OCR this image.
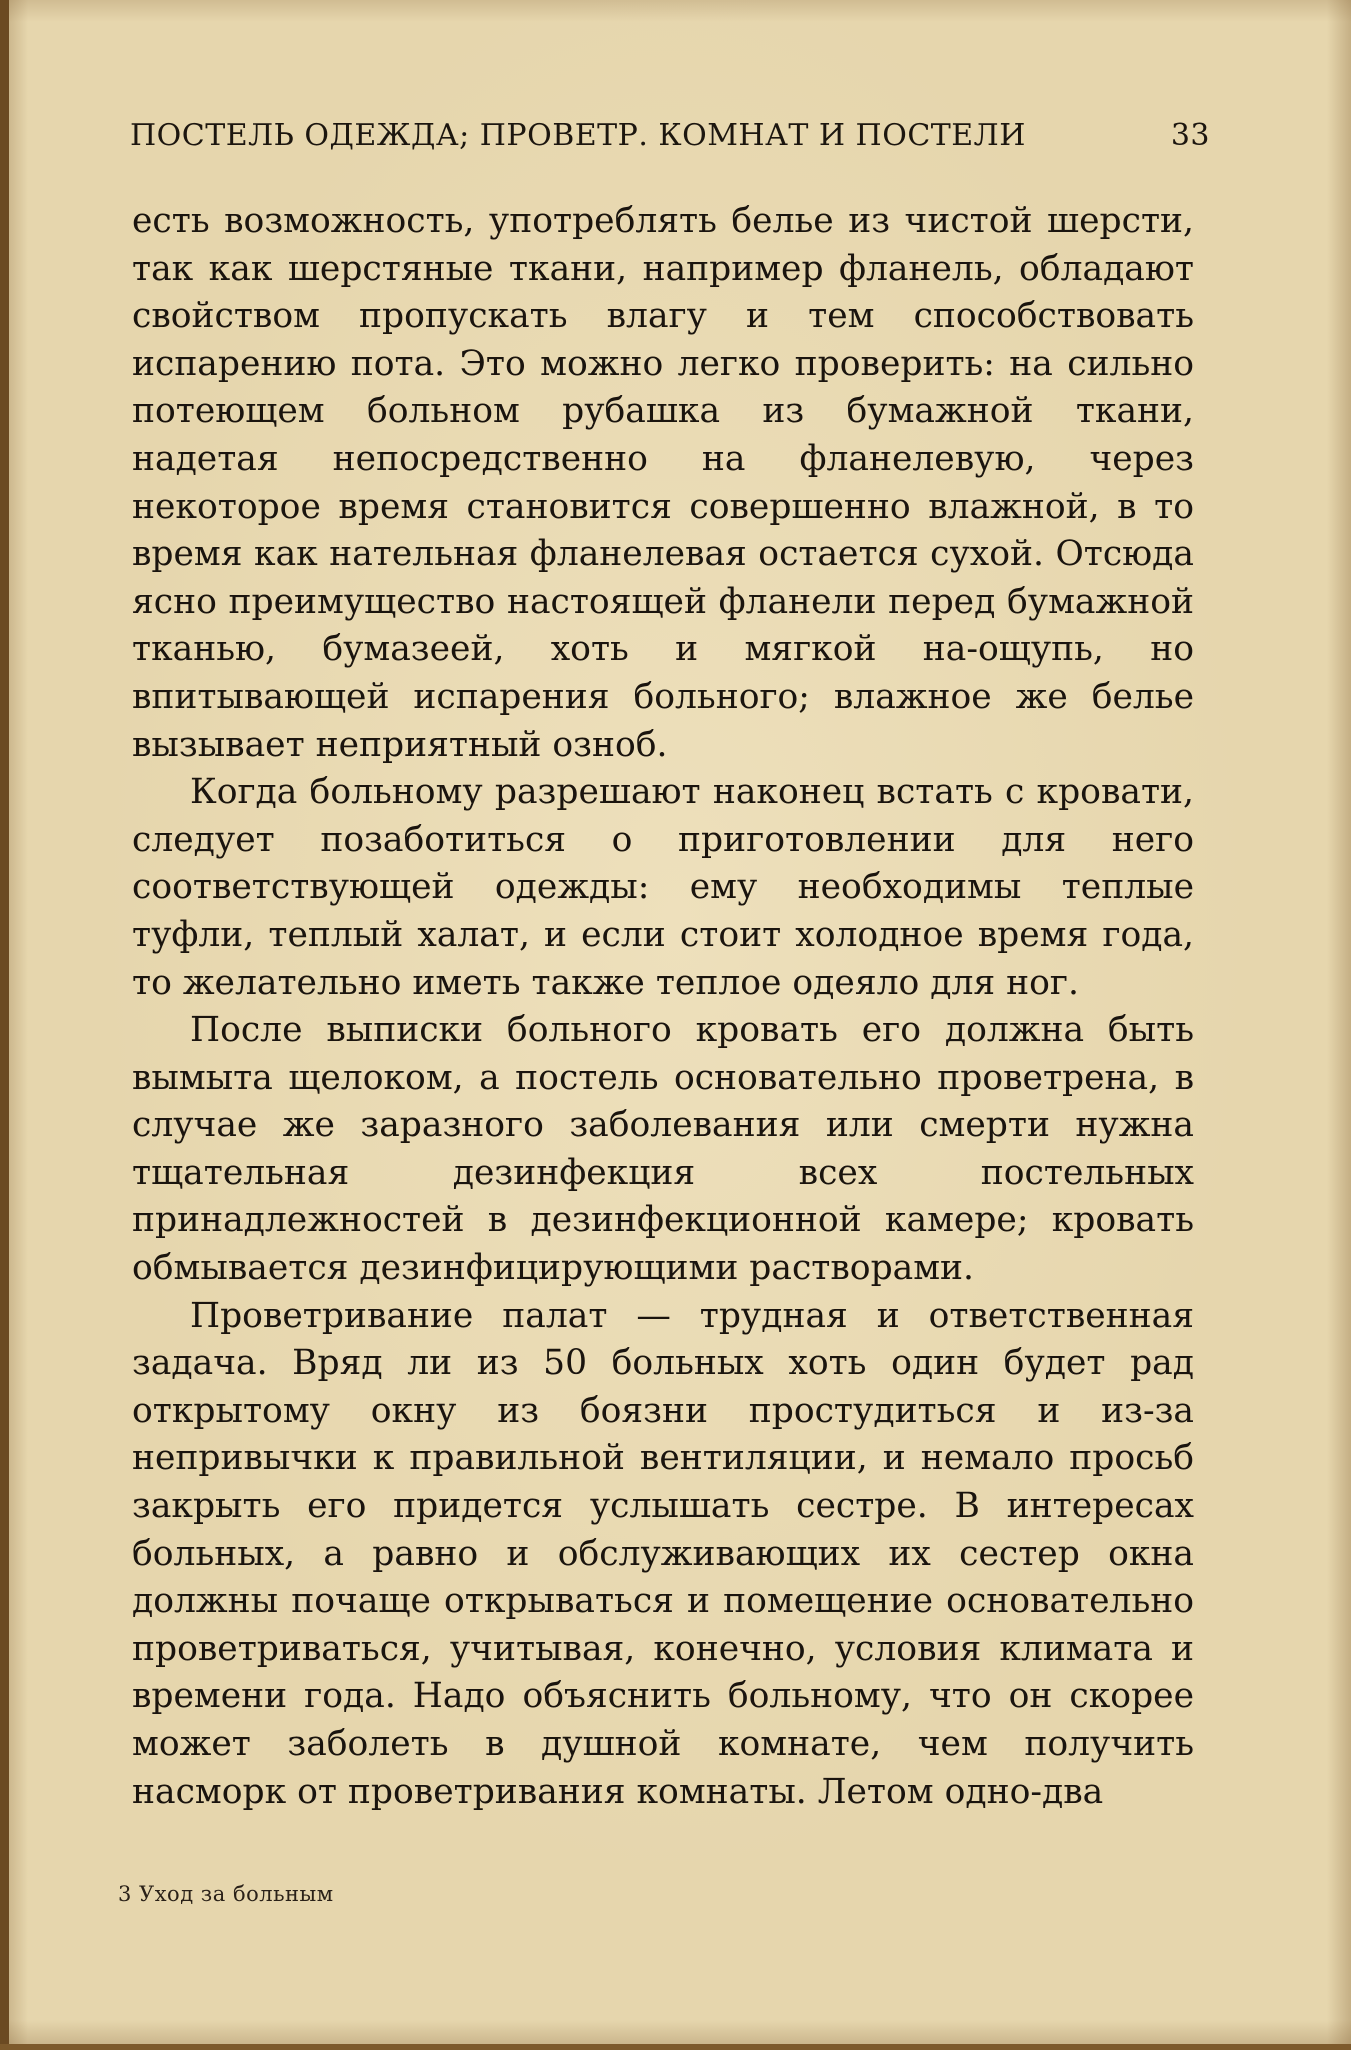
ПОСТЕЛЬ ОДЕЖДА; ПРОВЕТР. КОМНАТ И ПОСТЕЛИ	33

есть возможность, употреблять белье из чистой шерсти, так как шерстяные ткани, например фланель, обладают свойством пропускать влагу и тем способствовать испарению пота. Это можно легко проверить: на сильно потеющем больном рубашка из бумажной ткани, надетая непосредственно на фланелевую, через некоторое время становится совершенно влажной, в то время как нательная фланелевая остается сухой. Отсюда ясно преимущество настоящей фланели перед бумажной тканью, бумазеей, хоть и мягкой на-ощупь, но впитывающей испарения больного; влажное же белье вызывает неприятный озноб.

Когда больному разрешают наконец встать с кровати, следует позаботиться о приготовлении для него соответствующей одежды: ему необходимы теплые туфли, теплый халат, и если стоит холодное время года, то желательно иметь также теплое одеяло для ног.

После выписки больного кровать его должна быть вымыта щелоком, а постель основательно проветрена, в случае же заразного заболевания или смерти нужна тщательная дезинфекция всех постельных принадлежностей в дезинфекционной камере; кровать обмывается дезинфицирующими растворами.

Проветривание палат — трудная и ответственная задача. Вряд ли из 50 больных хоть один будет рад открытому окну из боязни простудиться и из-за непривычки к правильной вентиляции, и немало просьб закрыть его придется услышать сестре. В интересах больных, а равно и обслуживающих их сестер окна должны почаще открываться и помещение основательно проветриваться, учитывая, конечно, условия климата и времени года. Надо объяснить больному, что он скорее может заболеть в душной комнате, чем получить насморк от проветривания комнаты. Летом одно-два

3 Уход за больным
